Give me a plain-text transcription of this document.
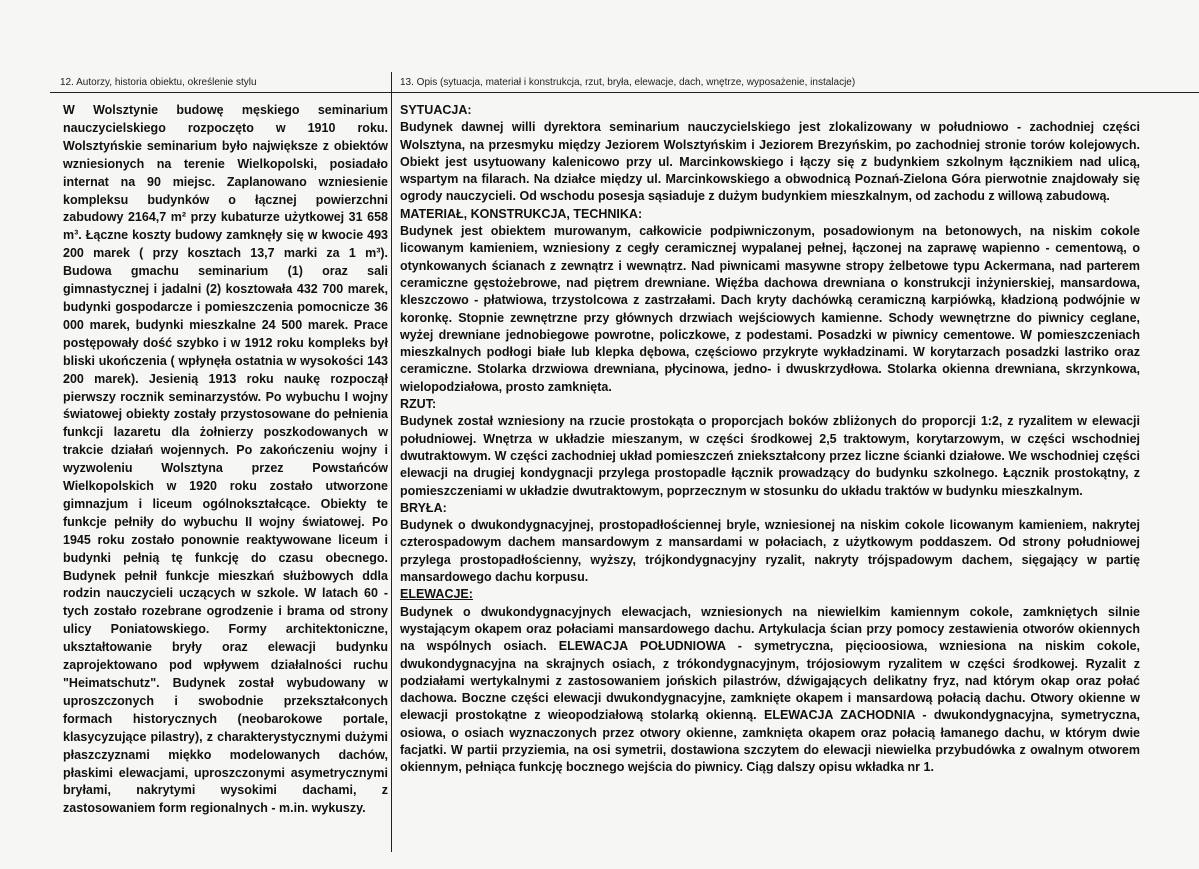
12. Autorzy, historia obiektu, określenie stylu	13. Opis (sytuacja, materiał i konstrukcja, rzut, bryła, elewacje, dach, wnętrze, wyposażenie, instalacje)

W Wolsztynie budowę męskiego seminarium nauczycielskiego rozpoczęto w 1910 roku. Wolsztyńskie seminarium było największe z obiektów wzniesionych na terenie Wielkopolski, posiadało internat na 90 miejsc. Zaplanowano wzniesienie kompleksu budynków o łącznej powierzchni zabudowy 2164,7 m² przy kubaturze użytkowej 31 658 m³. Łączne koszty budowy zamknęły się w kwocie 493 200 marek ( przy kosztach 13,7 marki za 1 m³). Budowa gmachu seminarium (1) oraz sali gimnastycznej i jadalni (2) kosztowała 432 700 marek, budynki gospodarcze i pomieszczenia pomocnicze 36 000 marek, budynki mieszkalne 24 500 marek. Prace postępowały dość szybko i w 1912 roku kompleks był bliski ukończenia ( wpłynęła ostatnia w wysokości 143 200 marek). Jesienią 1913 roku naukę rozpoczął pierwszy rocznik seminarzystów. Po wybuchu I wojny światowej obiekty zostały przystosowane do pełnienia funkcji lazaretu dla żołnierzy poszkodowanych w trakcie działań wojennych. Po zakończeniu wojny i wyzwoleniu Wolsztyna przez Powstańców Wielkopolskich w 1920 roku zostało utworzone gimnazjum i liceum ogólnokształcące. Obiekty te funkcje pełniły do wybuchu II wojny światowej. Po 1945 roku zostało ponownie reaktywowane liceum i budynki pełnią tę funkcję do czasu obecnego. Budynek pełnił funkcje mieszkań służbowych ddla rodzin nauczycieli uczących w szkole. W latach 60 - tych zostało rozebrane ogrodzenie i brama od strony ulicy Poniatowskiego. Formy architektoniczne, ukształtowanie bryły oraz elewacji budynku zaprojektowano pod wpływem działalności ruchu "Heimatschutz". Budynek został wybudowany w uproszczonych i swobodnie przekształconych formach historycznych (neobarokowe portale, klasycyzujące pilastry), z charakterystycznymi dużymi płaszczyznami miękko modelowanych dachów, płaskimi elewacjami, uproszczonymi asymetrycznymi bryłami, nakrytymi wysokimi dachami, z zastosowaniem form regionalnych - m.in. wykuszy.

SYTUACJA:

Budynek dawnej willi dyrektora seminarium nauczycielskiego jest zlokalizowany w południowo - zachodniej części Wolsztyna, na przesmyku między Jeziorem Wolsztyńskim i Jeziorem Brezyńskim, po zachodniej stronie torów kolejowych. Obiekt jest usytuowany kalenicowo przy ul. Marcinkowskiego i łączy się z budynkiem szkolnym łącznikiem nad ulicą, wspartym na filarach. Na działce między ul. Marcinkowskiego a obwodnicą Poznań-Zielona Góra pierwotnie znajdowały się ogrody nauczycieli. Od wschodu posesja sąsiaduje z dużym budynkiem mieszkalnym, od zachodu z willową zabudową.

MATERIAŁ, KONSTRUKCJA, TECHNIKA:

Budynek jest obiektem murowanym, całkowicie podpiwniczonym, posadowionym na betonowych, na niskim cokole licowanym kamieniem, wzniesiony z cegły ceramicznej wypalanej pełnej, łączonej na zaprawę wapienno - cementową, o otynkowanych ścianach z zewnątrz i wewnątrz. Nad piwnicami masywne stropy żelbetowe typu Ackermana, nad parterem ceramiczne gęstożebrowe, nad piętrem drewniane. Więźba dachowa drewniana o konstrukcji inżynierskiej, mansardowa, kleszczowo - płatwiowa, trzystolcowa z zastrzałami. Dach kryty dachówką ceramiczną karpiówką, kładzioną podwójnie w koronkę. Stopnie zewnętrzne przy głównych drzwiach wejściowych kamienne. Schody wewnętrzne do piwnicy ceglane, wyżej drewniane jednobiegowe powrotne, policzkowe, z podestami. Posadzki w piwnicy cementowe. W pomieszczeniach mieszkalnych podłogi białe lub klepka dębowa, częściowo przykryte wykładzinami. W korytarzach posadzki lastriko oraz ceramiczne. Stolarka drzwiowa drewniana, płycinowa, jedno- i dwuskrzydłowa. Stolarka okienna drewniana, skrzynkowa, wielopodziałowa, prosto zamknięta.

RZUT:

Budynek został wzniesiony na rzucie prostokąta o proporcjach boków zbliżonych do proporcji 1:2, z ryzalitem w elewacji południowej. Wnętrza w układzie mieszanym, w części środkowej 2,5 traktowym, korytarzowym, w części wschodniej dwutraktowym. W części zachodniej układ pomieszczeń zniekształcony przez liczne ścianki działowe. We wschodniej części elewacji na drugiej kondygnacji przylega prostopadle łącznik prowadzący do budynku szkolnego. Łącznik prostokątny, z pomieszczeniami w układzie dwutraktowym, poprzecznym w stosunku do układu traktów w budynku mieszkalnym.

BRYŁA:

Budynek o dwukondygnacyjnej, prostopadłościennej bryle, wzniesionej na niskim cokole licowanym kamieniem, nakrytej czterospadowym dachem mansardowym z mansardami w połaciach, z użytkowym poddaszem. Od strony południowej przylega prostopadłościenny, wyższy, trójkondygnacyjny ryzalit, nakryty trójspadowym dachem, sięgający w partię mansardowego dachu korpusu.

ELEWACJE:

Budynek o dwukondygnacyjnych elewacjach, wzniesionych na niewielkim kamiennym cokole, zamkniętych silnie wystającym okapem oraz połaciami mansardowego dachu. Artykulacja ścian przy pomocy zestawienia otworów okiennych na wspólnych osiach. ELEWACJA POŁUDNIOWA - symetryczna, pięcioosiowa, wzniesiona na niskim cokole, dwukondygnacyjna na skrajnych osiach, z trókondygnacyjnym, trójosiowym ryzalitem w części środkowej. Ryzalit z podziałami wertykalnymi z zastosowaniem jońskich pilastrów, dźwigających delikatny fryz, nad którym okap oraz połać dachowa. Boczne części elewacji dwukondygnacyjne, zamknięte okapem i mansardową połacią dachu. Otwory okienne w elewacji prostokątne z wieopodziałową stolarką okienną. ELEWACJA ZACHODNIA - dwukondygnacyjna, symetryczna, osiowa, o osiach wyznaczonych przez otwory okienne, zamknięta okapem oraz połacią łamanego dachu, w którym dwie facjatki. W partii przyziemia, na osi symetrii, dostawiona szczytem do elewacji niewielka przybudówka z owalnym otworem okiennym, pełniąca funkcję bocznego wejścia do piwnicy. Ciąg dalszy opisu wkładka nr 1.
